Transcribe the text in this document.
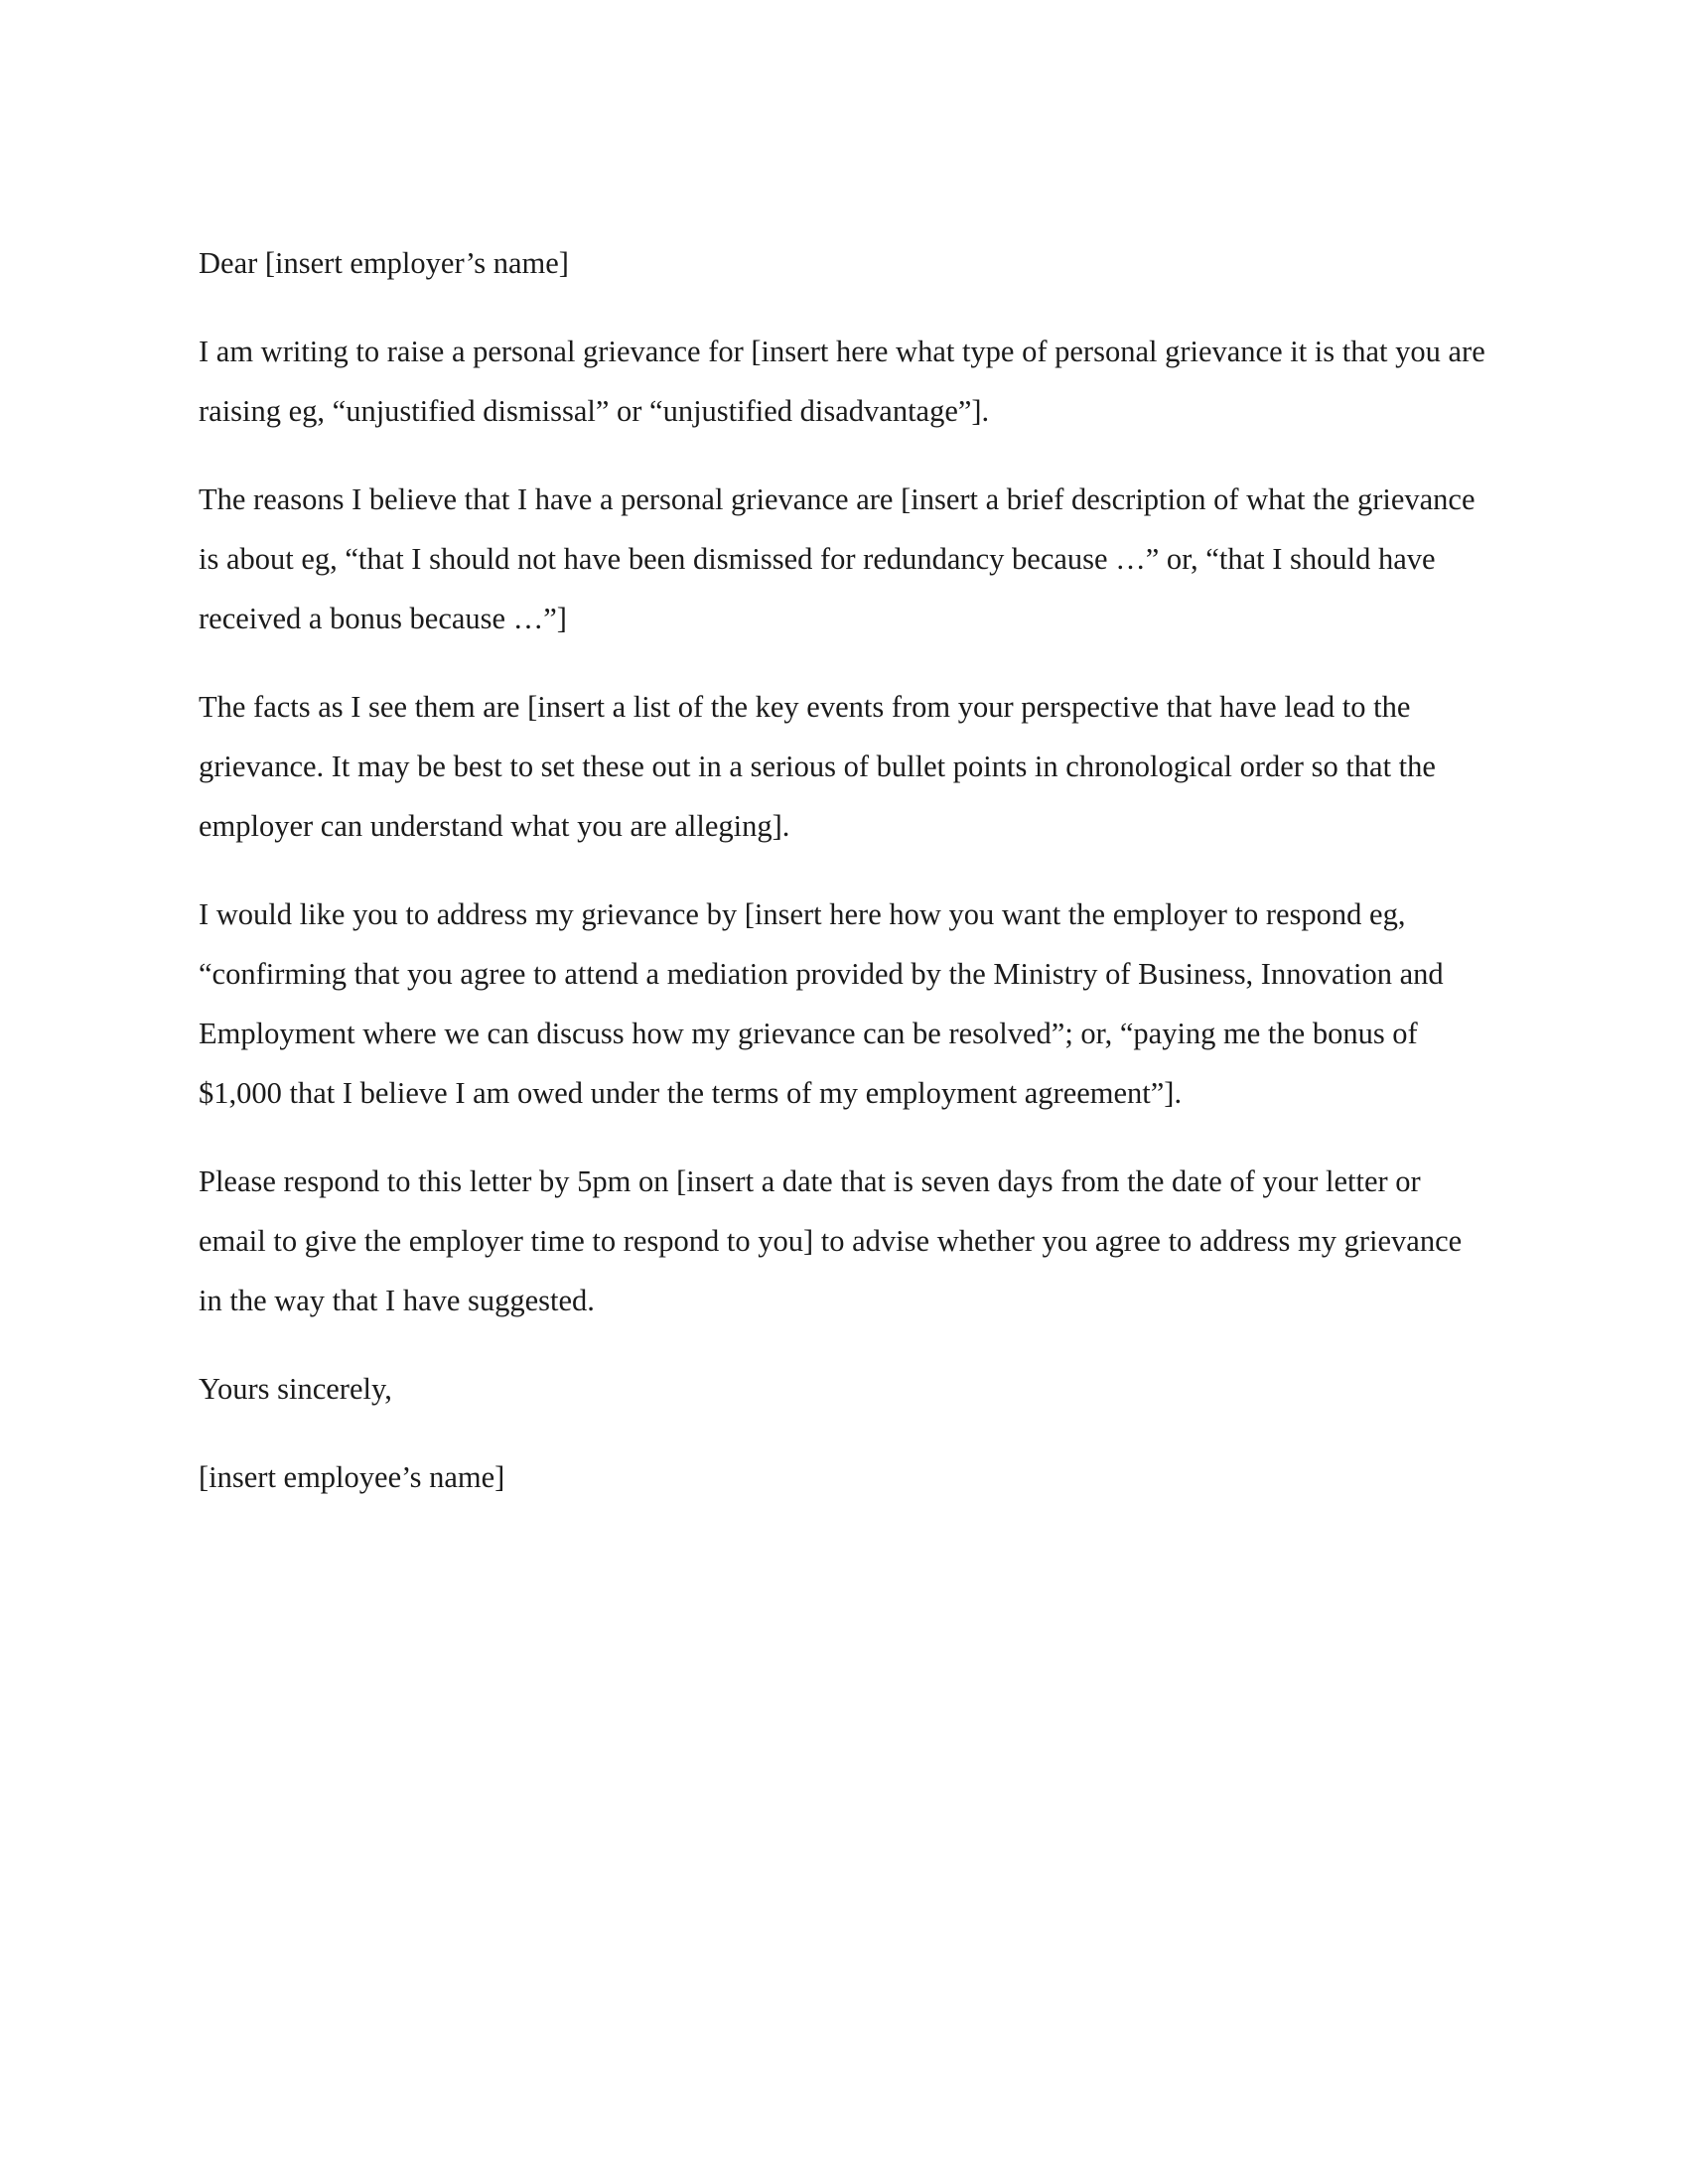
Dear [insert employer’s name]

I am writing to raise a personal grievance for [insert here what type of personal grievance it is that you are raising eg, “unjustified dismissal” or “unjustified disadvantage”].

The reasons I believe that I have a personal grievance are [insert a brief description of what the grievance is about eg, “that I should not have been dismissed for redundancy because …” or, “that I should have received a bonus because …”]

The facts as I see them are [insert a list of the key events from your perspective that have lead to the grievance. It may be best to set these out in a serious of bullet points in chronological order so that the employer can understand what you are alleging].

I would like you to address my grievance by [insert here how you want the employer to respond eg, “confirming that you agree to attend a mediation provided by the Ministry of Business, Innovation and Employment where we can discuss how my grievance can be resolved”; or, “paying me the bonus of $1,000 that I believe I am owed under the terms of my employment agreement”].

Please respond to this letter by 5pm on [insert a date that is seven days from the date of your letter or email to give the employer time to respond to you] to advise whether you agree to address my grievance in the way that I have suggested.

Yours sincerely,

[insert employee’s name]
